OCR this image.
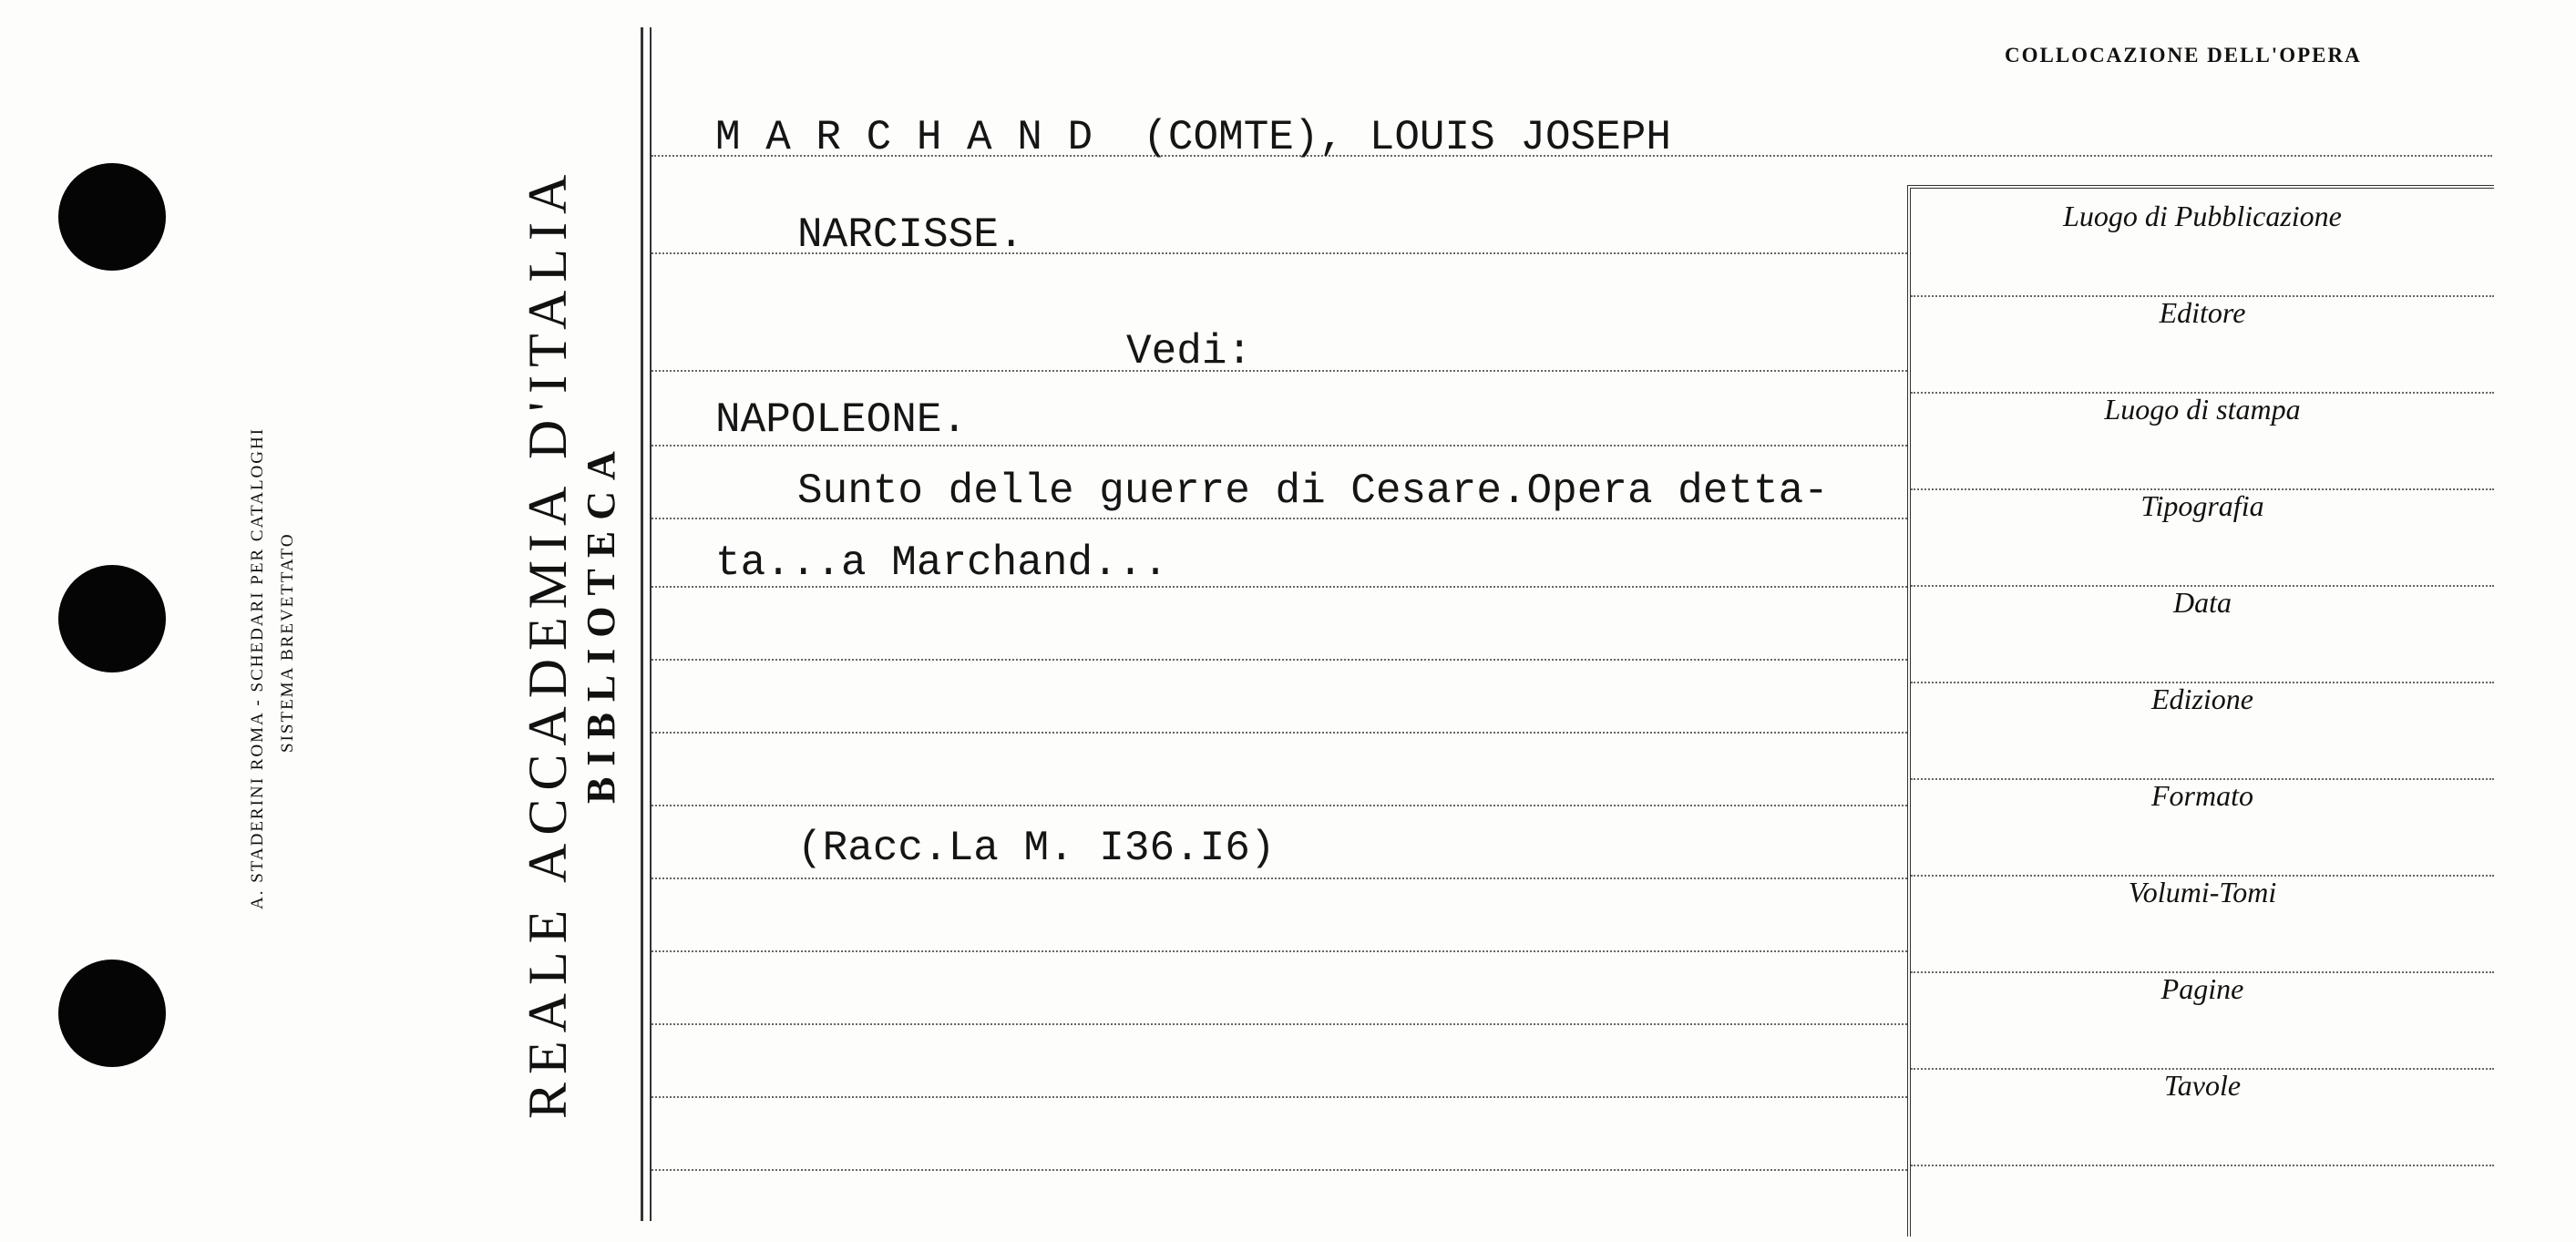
A. STADERINI ROMA - SCHEDARI PER CATALOGHI SISTEMA BREVETTATO	REALE ACCADEMIA D'ITALIA BIBLIOTECA
COLLOCAZIONE DELL'OPERA
M A R C H A N D  (COMTE), LOUIS JOSEPH
NARCISSE.
Vedi:
NAPOLEONE.
Sunto delle guerre di Cesare.Opera detta-
ta...a Marchand...
(Racc.La M. I36.I6)
Luogo di Pubblicazione
Editore
Luogo di stampa
Tipografia
Data
Edizione
Formato
Volumi-Tomi
Pagine
Tavole
